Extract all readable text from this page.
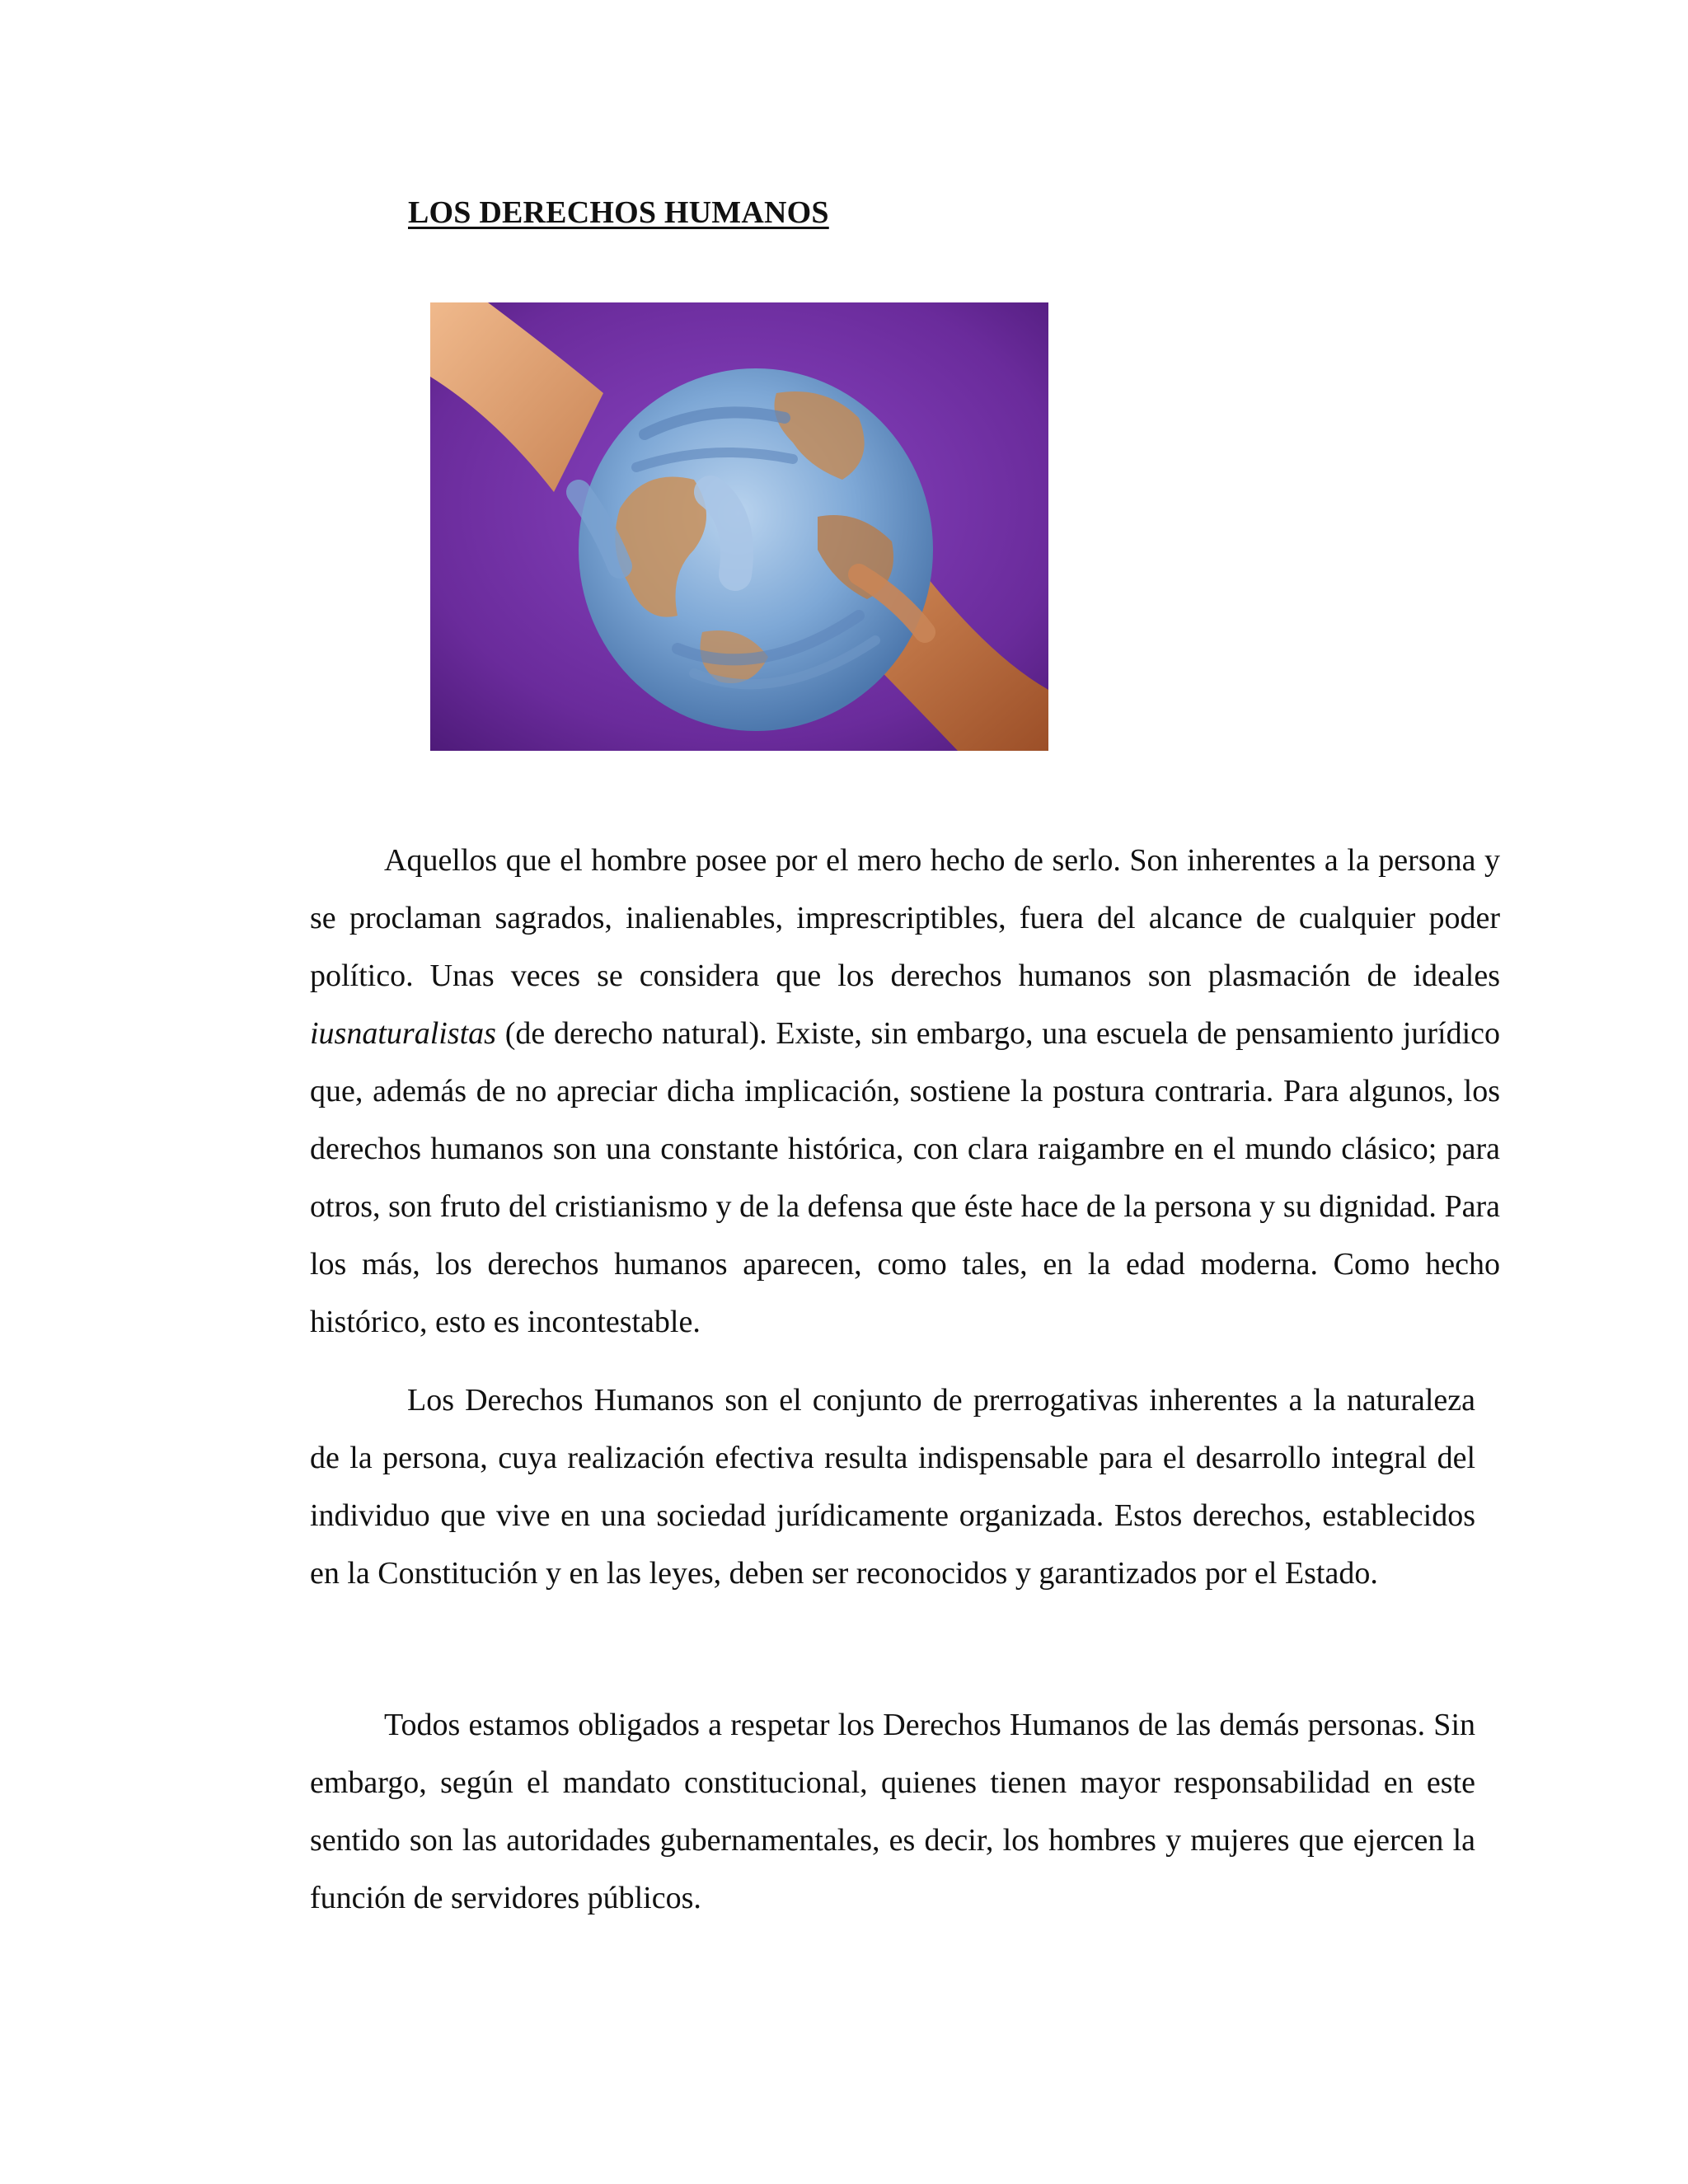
LOS DERECHOS HUMANOS

Aquellos que el hombre posee por el mero hecho de serlo. Son inherentes a la persona y se proclaman sagrados, inalienables, imprescriptibles, fuera del alcance de cualquier poder político. Unas veces se considera que los derechos humanos son plasmación de ideales iusnaturalistas (de derecho natural). Existe, sin embargo, una escuela de pensamiento jurídico que, además de no apreciar dicha implicación, sostiene la postura contraria. Para algunos, los derechos humanos son una constante histórica, con clara raigambre en el mundo clásico; para otros, son fruto del cristianismo y de la defensa que éste hace de la persona y su dignidad. Para los más, los derechos humanos aparecen, como tales, en la edad moderna. Como hecho histórico, esto es incontestable.

Los Derechos Humanos son el conjunto de prerrogativas inherentes a la naturaleza de la persona, cuya realización efectiva resulta indispensable para el desarrollo integral del individuo que vive en una sociedad jurídicamente organizada. Estos derechos, establecidos en la Constitución y en las leyes, deben ser reconocidos y garantizados por el Estado.

Todos estamos obligados a respetar los Derechos Humanos de las demás personas. Sin embargo, según el mandato constitucional, quienes tienen mayor responsabilidad en este sentido son las autoridades gubernamentales, es decir, los hombres y mujeres que ejercen la función de servidores públicos.
